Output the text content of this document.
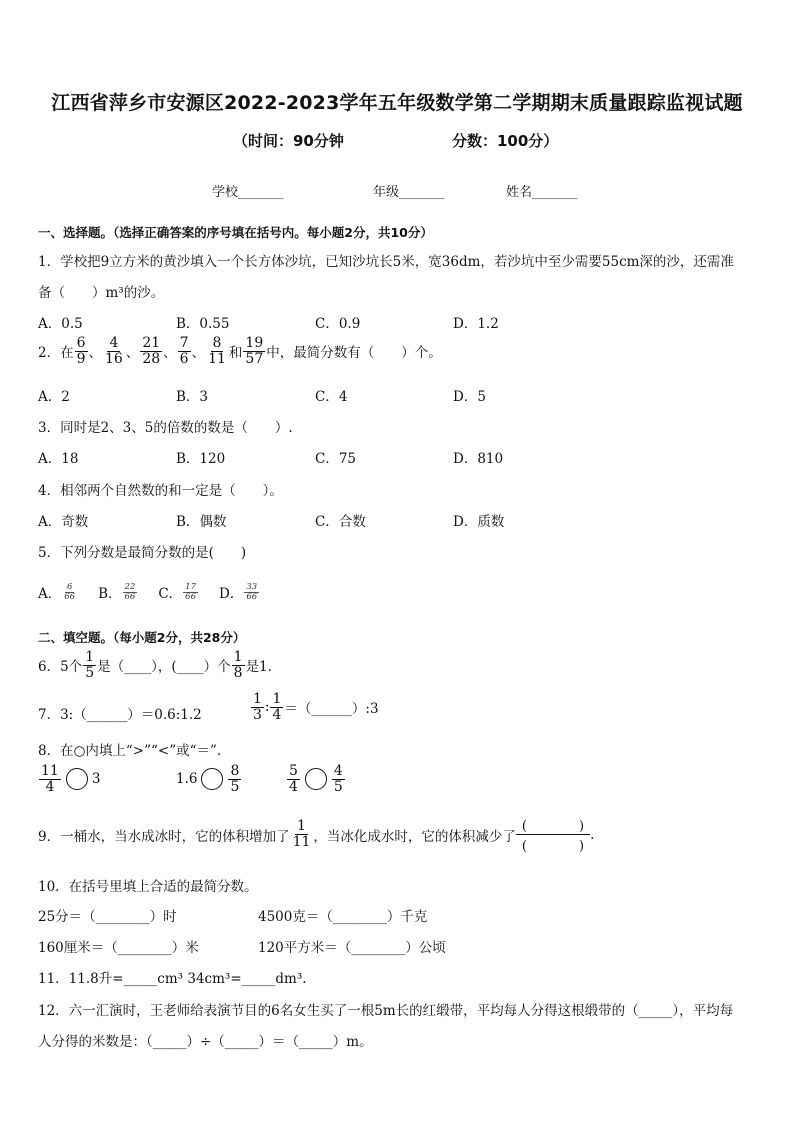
江西省萍乡市安源区2022-2023学年五年级数学第二学期期末质量跟踪监视试题
（时间：90分钟	分数：100分）
学校_______	年级_______	姓名_______
一、选择题。（选择正确答案的序号填在括号内。每小题2分，共10分）
1．学校把9立方米的黄沙填入一个长方体沙坑，已知沙坑长5米，宽36dm，若沙坑中至少需要55cm深的沙，还需准
备（　　）m³的沙。
A．0.5	B．0.55	C．0.9	D．1.2
2．在 $\frac{6}{9}$ 、 $\frac{4}{16}$ 、 $\frac{21}{28}$ 、 $\frac{7}{6}$ 、 $\frac{8}{11}$ 和 $\frac{19}{57}$ 中，最简分数有（　　）个。
A．2	B．3	C．4	D．5
3．同时是2、3、5的倍数的数是（　　）.
A．18	B．120	C．75	D．810
4．相邻两个自然数的和一定是（　　）。
A．奇数	B．偶数	C．合数	D．质数
5．下列分数是最简分数的是(　　)
A． $\frac{6}{66}$ B． $\frac{22}{66}$ C． $\frac{17}{66}$ D． $\frac{33}{66}$
二、填空题。（每小题2分，共28分）
6．5个 $\frac{1}{5}$ 是（____），(____）个 $\frac{1}{8}$ 是1.
7．3:（______）＝0.6:1.2	$\frac{1}{3}$ : $\frac{1}{4}$ ＝（______）:3
8．在○内填上“>”“<”或“＝”.
$\frac{11}{4} 3$	$1.6 \frac{8}{5}$	$\frac{5}{4} \frac{4}{5}$
9．一桶水，当水成冰时，它的体积增加了 $\frac{1}{11}$ ，当冰化成水时，它的体积减少了
(　　　　)
(　　　　)
.
10．在括号里填上合适的最简分数。
25分＝（________）时	4500克＝（________）千克
160厘米＝（________）米	120平方米＝（________）公顷
11．11.8升=_____cm³ 34cm³=_____dm³.
12．六一汇演时，王老师给表演节目的6名女生买了一根5m长的红缎带，平均每人分得这根缎带的（_____），平均每
人分得的米数是：（_____）÷（_____）＝（_____）m。
